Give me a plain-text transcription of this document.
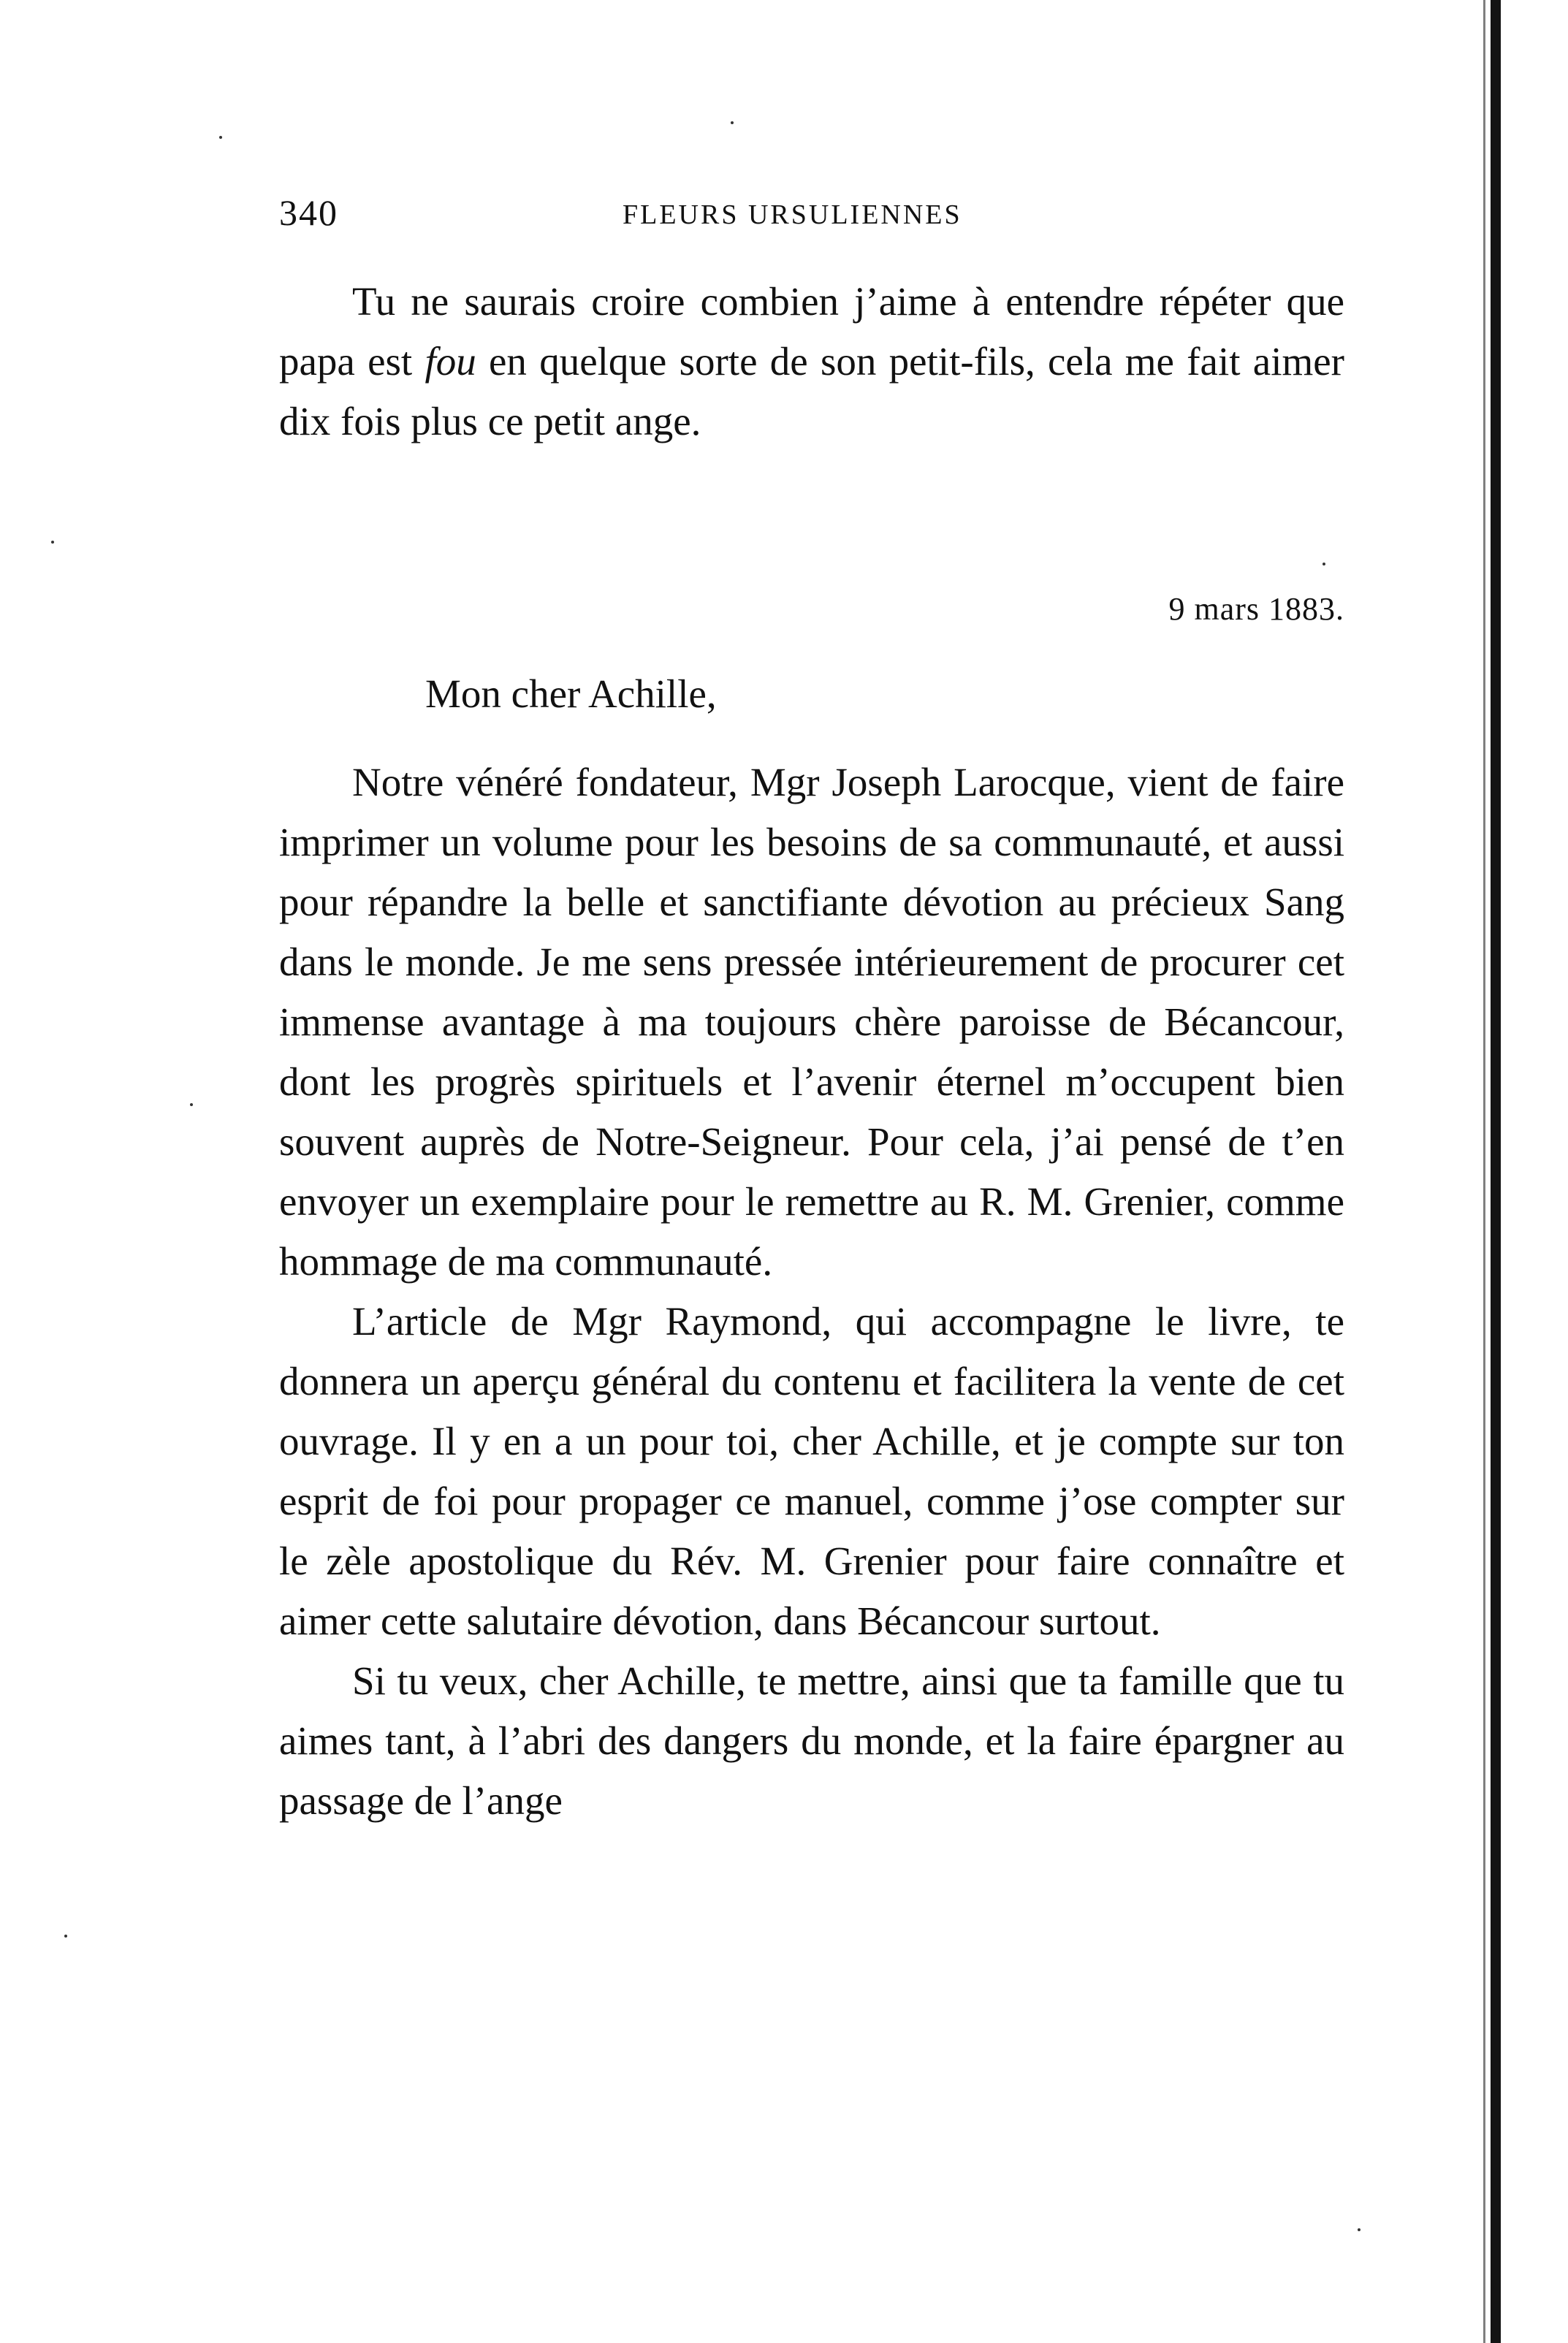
340	FLEURS URSULIENNES

Tu ne saurais croire combien j’aime à entendre répéter que papa est fou en quelque sorte de son petit-fils, cela me fait aimer dix fois plus ce petit ange.

9 mars 1883.
Mon cher Achille,

Notre vénéré fondateur, Mgr Joseph Larocque, vient de faire imprimer un volume pour les besoins de sa communauté, et aussi pour répandre la belle et sanctifiante dévotion au précieux Sang dans le monde. Je me sens pressée intérieurement de procurer cet immense avantage à ma toujours chère paroisse de Bécancour, dont les progrès spirituels et l’avenir éternel m’occupent bien souvent auprès de Notre-Seigneur. Pour cela, j’ai pensé de t’en envoyer un exemplaire pour le remettre au R. M. Grenier, comme hommage de ma communauté.

L’article de Mgr Raymond, qui accompagne le livre, te donnera un aperçu général du contenu et facilitera la vente de cet ouvrage. Il y en a un pour toi, cher Achille, et je compte sur ton esprit de foi pour propager ce manuel, comme j’ose compter sur le zèle apostolique du Rév. M. Grenier pour faire connaître et aimer cette salutaire dévotion, dans Bécancour surtout.

Si tu veux, cher Achille, te mettre, ainsi que ta famille que tu aimes tant, à l’abri des dangers du monde, et la faire épargner au passage de l’ange
